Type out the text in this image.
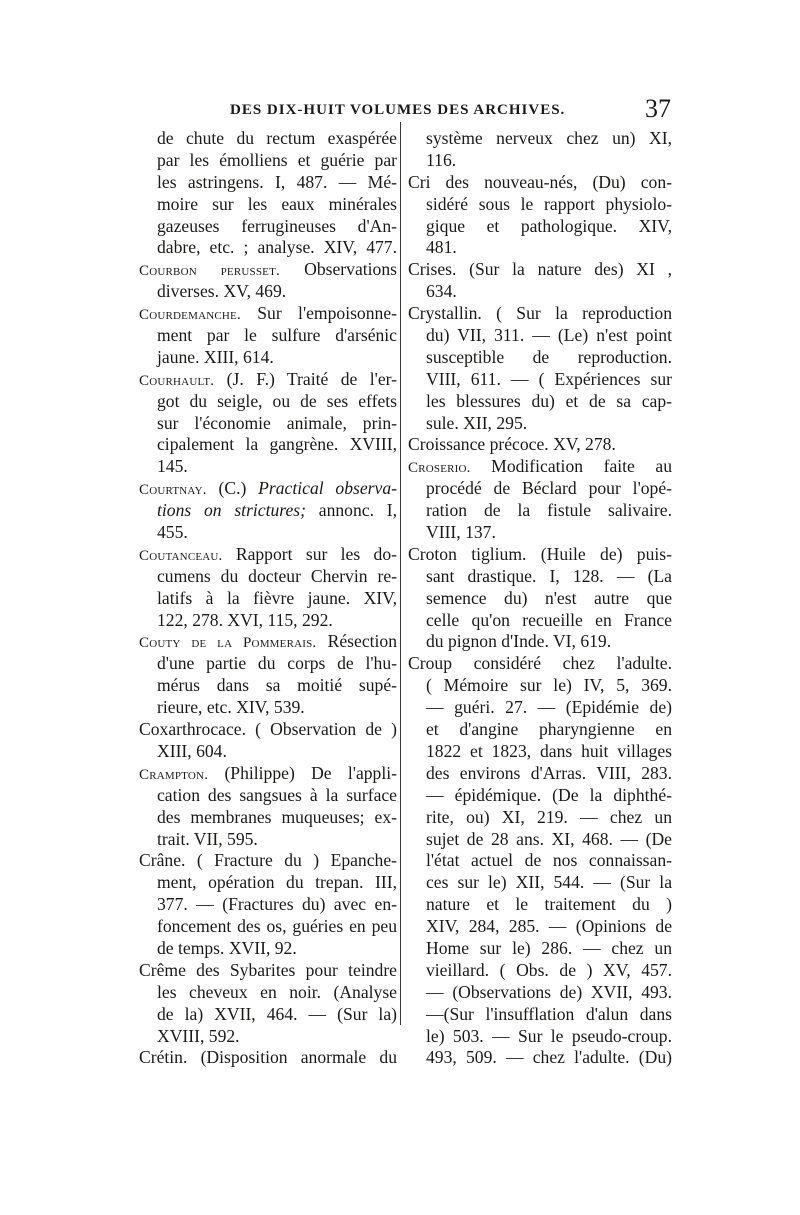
DES DIX-HUIT VOLUMES DES ARCHIVES.	37
de chute du rectum exaspérée
par les émolliens et guérie par
les astringens. I, 487. — Mé-
moire sur les eaux minérales
gazeuses ferrugineuses d'An-
dabre, etc. ; analyse. XIV, 477.
Courbon perusset. Observations
diverses. XV, 469.
Courdemanche. Sur l'empoisonne-
ment par le sulfure d'arsénic
jaune. XIII, 614.
Courhault. (J. F.) Traité de l'er-
got du seigle, ou de ses effets
sur l'économie animale, prin-
cipalement la gangrène. XVIII,
145.
Courtnay. (C.) Practical observa-
tions on strictures; annonc. I,
455.
Coutanceau. Rapport sur les do-
cumens du docteur Chervin re-
latifs à la fièvre jaune. XIV,
122, 278. XVI, 115, 292.
Couty de la Pommerais. Résection
d'une partie du corps de l'hu-
mérus dans sa moitié supé-
rieure, etc. XIV, 539.
Coxarthrocace. ( Observation de )
XIII, 604.
Crampton. (Philippe) De l'appli-
cation des sangsues à la surface
des membranes muqueuses; ex-
trait. VII, 595.
Crâne. ( Fracture du ) Epanche-
ment, opération du trepan. III,
377. — (Fractures du) avec en-
foncement des os, guéries en peu
de temps. XVII, 92.
Crême des Sybarites pour teindre
les cheveux en noir. (Analyse
de la) XVII, 464. — (Sur la)
XVIII, 592.
Crétin. (Disposition anormale du
système nerveux chez un) XI,
116.
Cri des nouveau-nés, (Du) con-
sidéré sous le rapport physiolo-
gique et pathologique. XIV,
481.
Crises. (Sur la nature des) XI ,
634.
Crystallin. ( Sur la reproduction
du) VII, 311. — (Le) n'est point
susceptible de reproduction.
VIII, 611. — ( Expériences sur
les blessures du) et de sa cap-
sule. XII, 295.
Croissance précoce. XV, 278.
Croserio. Modification faite au
procédé de Béclard pour l'opé-
ration de la fistule salivaire.
VIII, 137.
Croton tiglium. (Huile de) puis-
sant drastique. I, 128. — (La
semence du) n'est autre que
celle qu'on recueille en France
du pignon d'Inde. VI, 619.
Croup considéré chez l'adulte.
( Mémoire sur le) IV, 5, 369.
— guéri. 27. — (Epidémie de)
et d'angine pharyngienne en
1822 et 1823, dans huit villages
des environs d'Arras. VIII, 283.
— épidémique. (De la diphthé-
rite, ou) XI, 219. — chez un
sujet de 28 ans. XI, 468. — (De
l'état actuel de nos connaissan-
ces sur le) XII, 544. — (Sur la
nature et le traitement du )
XIV, 284, 285. — (Opinions de
Home sur le) 286. — chez un
vieillard. ( Obs. de ) XV, 457.
— (Observations de) XVII, 493.
—(Sur l'insufflation d'alun dans
le) 503. — Sur le pseudo-croup.
493, 509. — chez l'adulte. (Du)
